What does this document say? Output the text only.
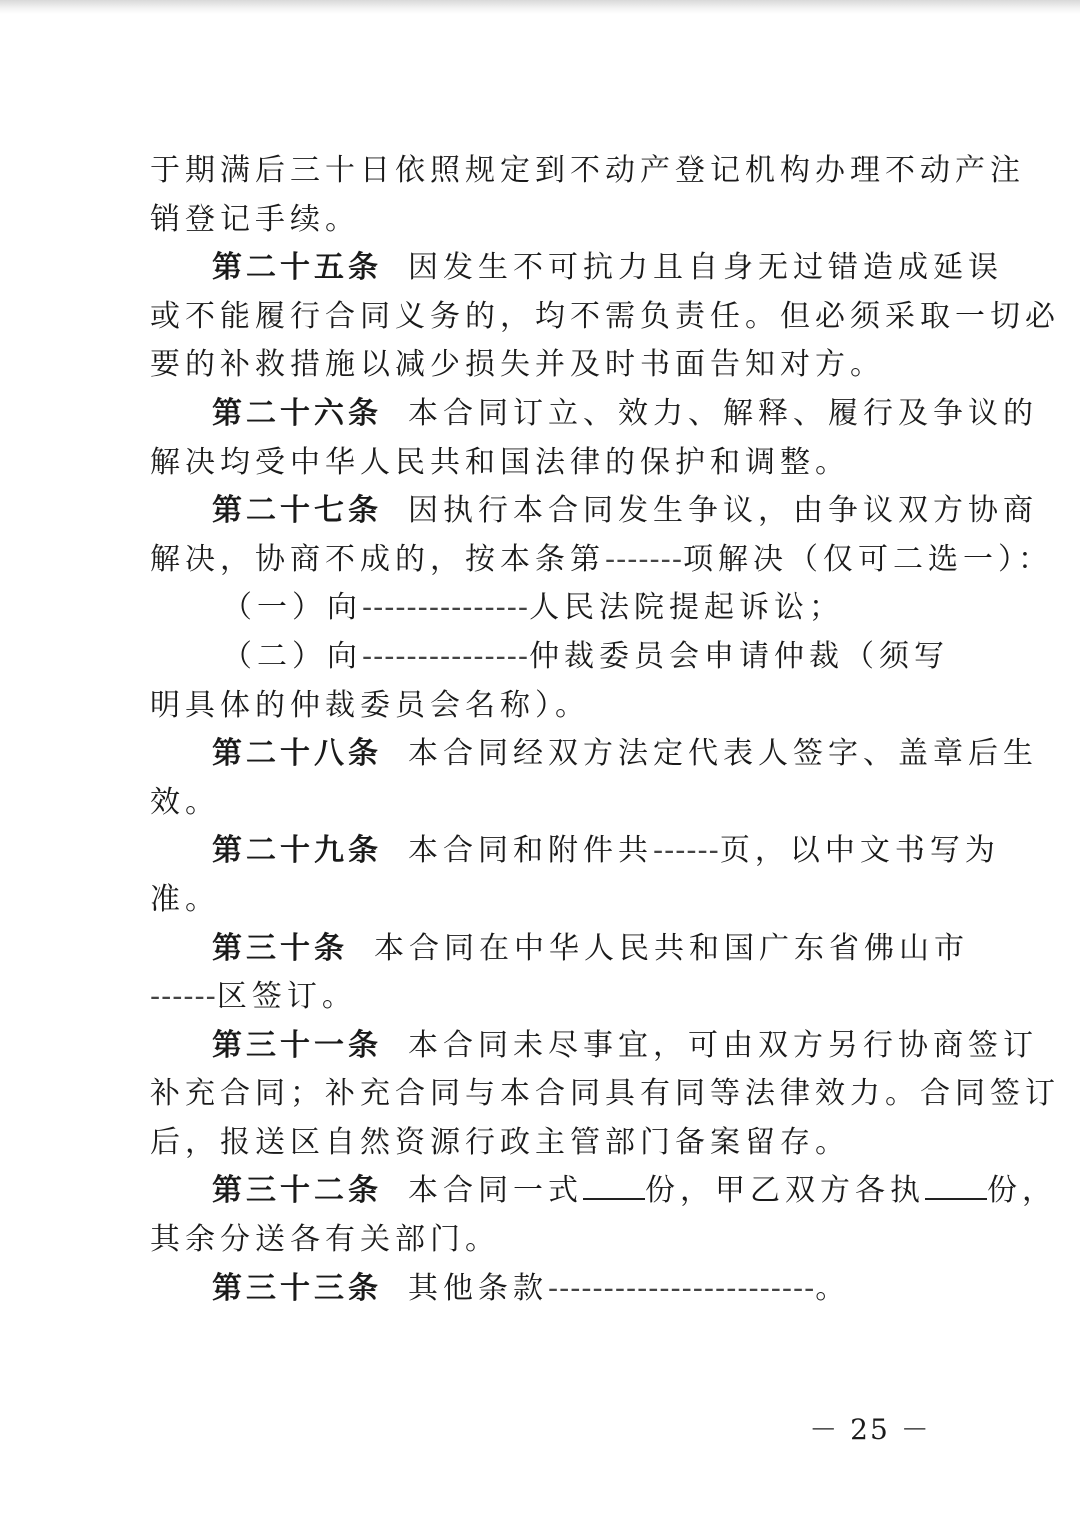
于期满后三十日依照规定到不动产登记机构办理不动产注
销登记手续。
第二十五条 因发生不可抗力且自身无过错造成延误
或不能履行合同义务的，均不需负责任。但必须采取一切必
要的补救措施以减少损失并及时书面告知对方。
第二十六条 本合同订立、效力、解释、履行及争议的
解决均受中华人民共和国法律的保护和调整。
第二十七条 因执行本合同发生争议，由争议双方协商
解决，协商不成的，按本条第-------项解决（仅可二选一）：
（一）向---------------人民法院提起诉讼；
（二）向---------------仲裁委员会申请仲裁（须写
明具体的仲裁委员会名称）。
第二十八条 本合同经双方法定代表人签字、盖章后生
效。
第二十九条 本合同和附件共------页，以中文书写为
准。
第三十条 本合同在中华人民共和国广东省佛山市
------区签订。
第三十一条 本合同未尽事宜，可由双方另行协商签订
补充合同；补充合同与本合同具有同等法律效力。合同签订
后，报送区自然资源行政主管部门备案留存。
第三十二条 本合同一式 份，甲乙双方各执 份，
其余分送各有关部门。
第三十三条 其他条款------------------------。
－ 25 －
